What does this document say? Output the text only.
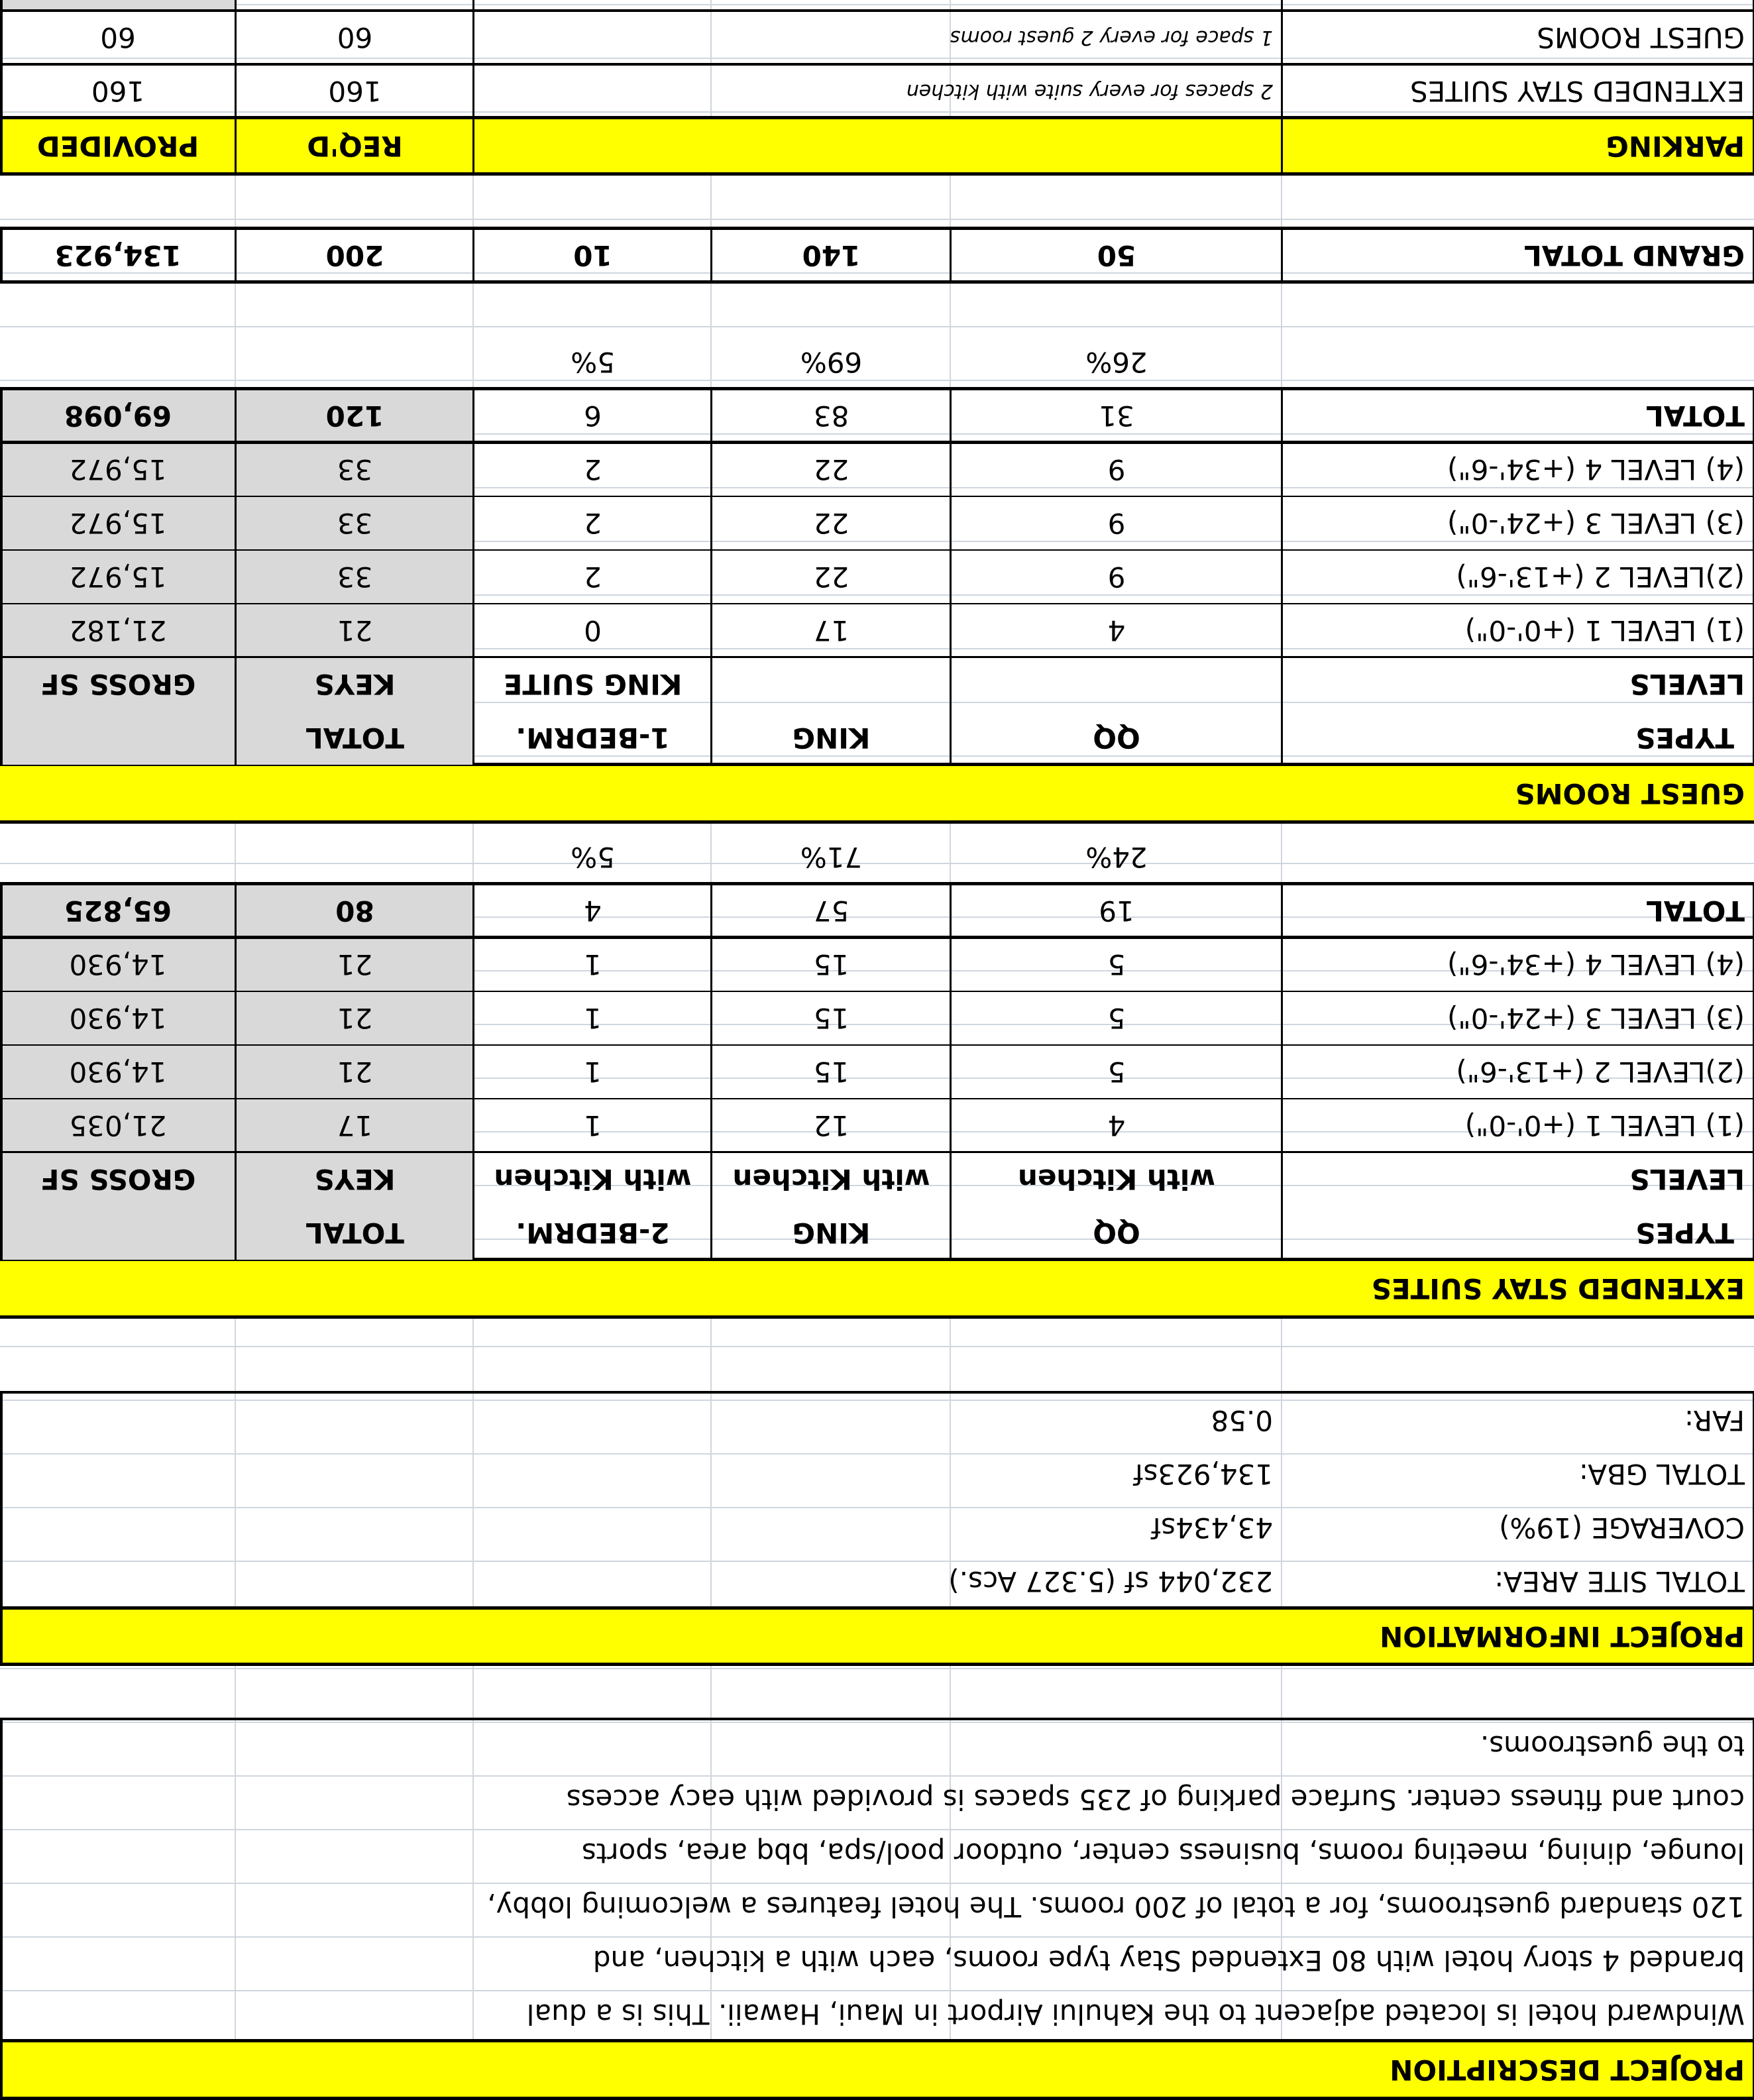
PROJECT DESCRIPTION
Windward hotel is located adjacent to the Kahului Airport in Maui, Hawaii. This is a dual
branded 4 story hotel with 80 Extended Stay type rooms, each with a kitchen, and
120 standard guestrooms, for a total of 200 rooms. The hotel features a welcoming lobby,
lounge, dining, meeting rooms, business center, outdoor pool/spa, bbq area, sports
court and fitness center. Surface parking of 235 spaces is provided with eacy access
to the guestrooms.
PROJECT INFORMATION
TOTAL SITE AREA:
232,044 sf (5.327 Acs.)
COVERAGE (19%)
43,434sf
TOTAL GBA:
134,923sf
FAR:
0.58
EXTENDED STAY SUITES
TYPES
QQ
KING
2-BEDRM.
TOTAL
LEVELS
with Kitchen
with Kitchen
with Kitchen
KEYS
GROSS SF
(1) LEVEL 1 (+0'-0")
4
12
1
17
21,035
(2)LEVEL 2 (+13'-6")
5
15
1
21
14,930
(3) LEVEL 3 (+24'-0")
5
15
1
21
14,930
(4) LEVEL 4 (+34'-6")
5
15
1
21
14,930
TOTAL
19
57
4
80
65,825
24%
71%
5%
GUEST ROOMS
TYPES
QQ
KING
1-BEDRM.
TOTAL
LEVELS
KING SUITE
KEYS
GROSS SF
(1) LEVEL 1 (+0'-0")
4
17
0
21
21,182
(2)LEVEL 2 (+13'-6")
9
22
2
33
15,972
(3) LEVEL 3 (+24'-0")
9
22
2
33
15,972
(4) LEVEL 4 (+34'-6")
9
22
2
33
15,972
TOTAL
31
83
6
120
69,098
26%
69%
5%
GRAND TOTAL
50
140
10
200
134,923
PARKING
REQ'D
PROVIDED
EXTENDED STAY SUITES
2 spaces for every suite with kitchen
160
160
GUEST ROOMS
1 space for every 2 guest rooms
60
60
